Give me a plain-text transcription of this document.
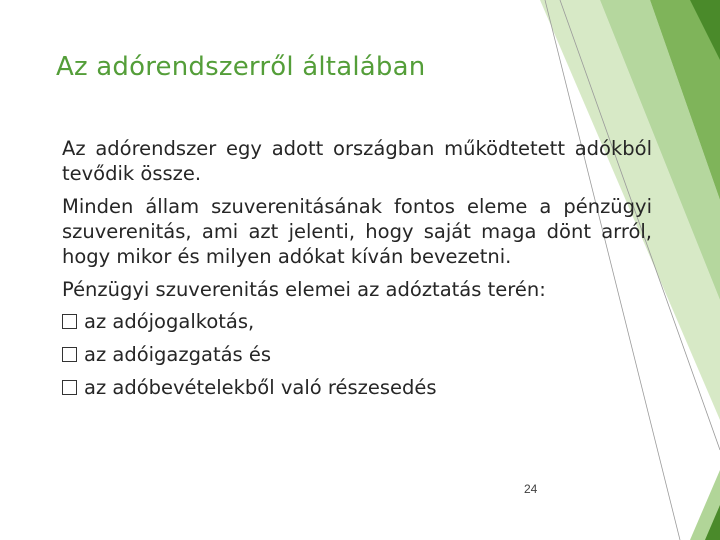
Az adórendszerről általában

Az adórendszer egy adott országban működtetett adókból tevődik össze.

Minden állam szuverenitásának fontos eleme a pénzügyi szuverenitás, ami azt jelenti, hogy saját maga dönt arról, hogy mikor és milyen adókat kíván bevezetni.

Pénzügyi szuverenitás elemei az adóztatás terén:

az adójogalkotás,
az adóigazgatás és
az adóbevételekből való részesedés
24
